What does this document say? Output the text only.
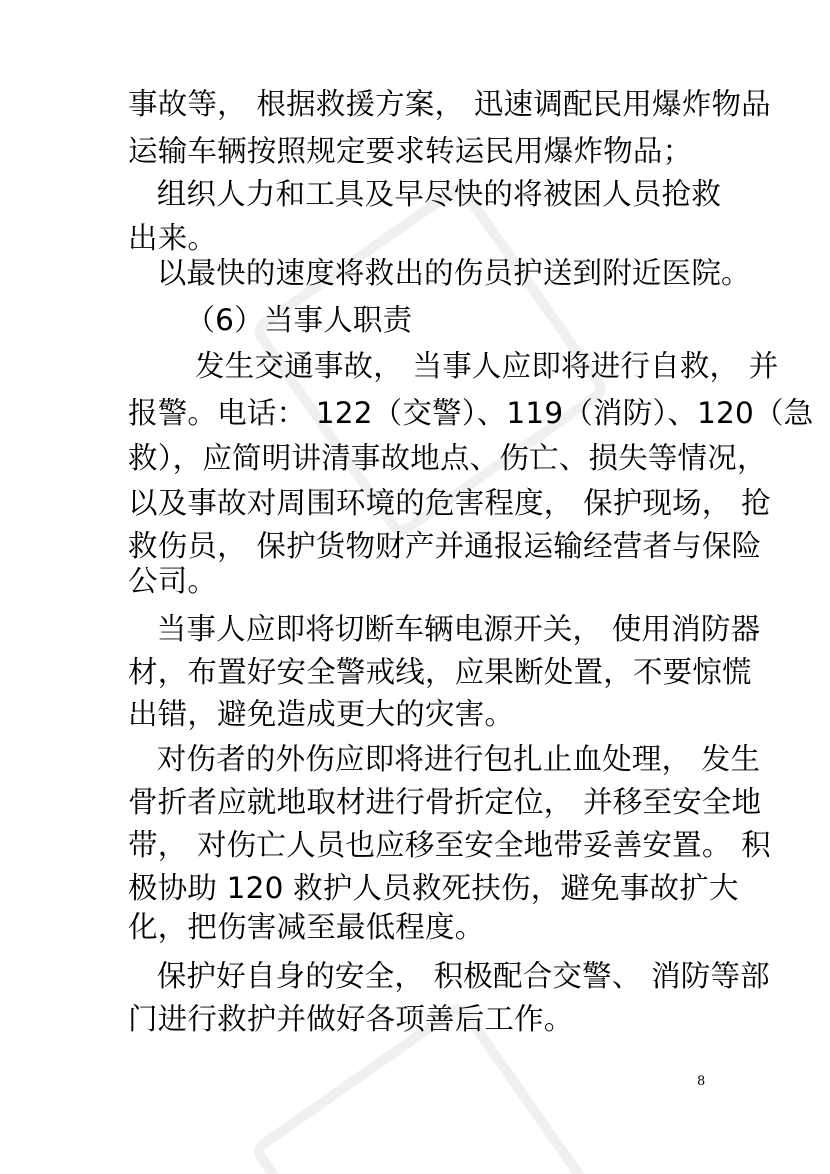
事故等， 根据救援方案， 迅速调配民用爆炸物品
运输车辆按照规定要求转运民用爆炸物品；
组织人力和工具及早尽快的将被困人员抢救
出来。
以最快的速度将救出的伤员护送到附近医院。
（6）当事人职责
发生交通事故， 当事人应即将进行自救， 并
报警。电话： 122（交警）、119（消防）、120（急
救），应简明讲清事故地点、伤亡、损失等情况，
以及事故对周围环境的危害程度， 保护现场， 抢
救伤员， 保护货物财产并通报运输经营者与保险
公司。
当事人应即将切断车辆电源开关， 使用消防器
材，布置好安全警戒线，应果断处置，不要惊慌
出错，避免造成更大的灾害。
对伤者的外伤应即将进行包扎止血处理， 发生
骨折者应就地取材进行骨折定位， 并移至安全地
带， 对伤亡人员也应移至安全地带妥善安置。 积
极协助 120 救护人员救死扶伤，避免事故扩大
化，把伤害减至最低程度。
保护好自身的安全， 积极配合交警、 消防等部
门进行救护并做好各项善后工作。
8
